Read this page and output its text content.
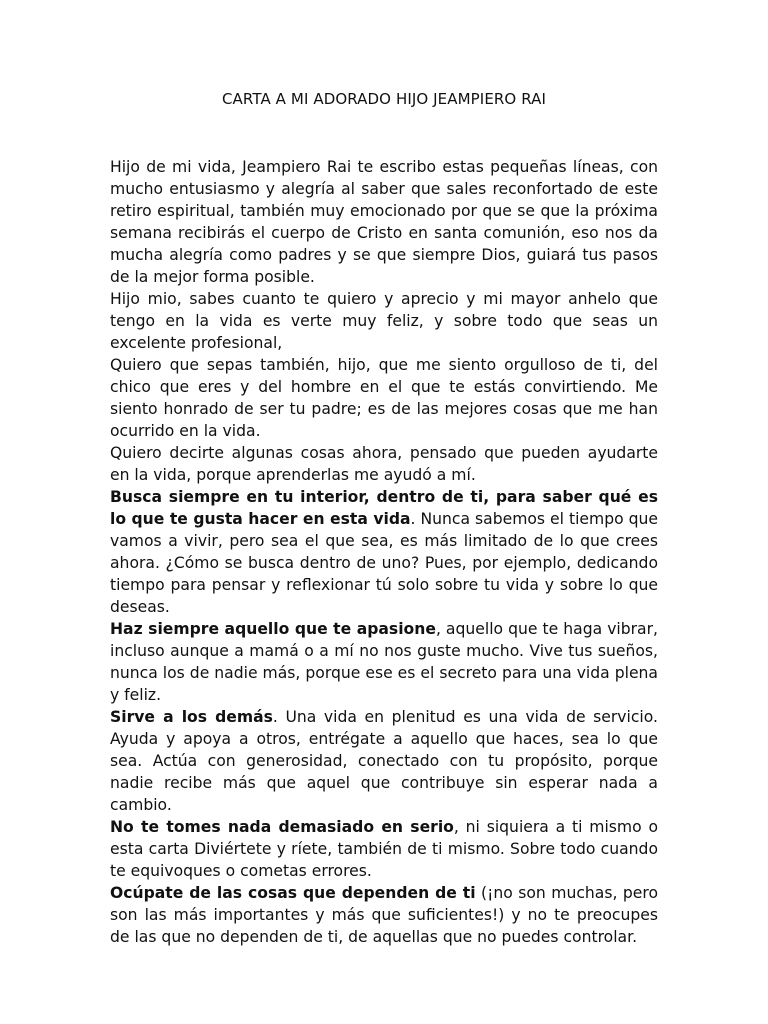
CARTA A MI ADORADO HIJO JEAMPIERO RAI

Hijo de mi vida, Jeampiero Rai te escribo estas pequeñas líneas, con mucho entusiasmo y alegría al saber que sales reconfortado de este retiro espiritual, también muy emocionado por que se que la próxima semana recibirás el cuerpo de Cristo en santa comunión, eso nos da mucha alegría como padres y se que siempre Dios, guiará tus pasos de la mejor forma posible.

Hijo mio, sabes cuanto te quiero y aprecio y mi mayor anhelo que tengo en la vida es verte muy feliz, y sobre todo que seas un excelente profesional,

Quiero que sepas también, hijo, que me siento orgulloso de ti, del chico que eres y del hombre en el que te estás convirtiendo. Me siento honrado de ser tu padre; es de las mejores cosas que me han ocurrido en la vida.

Quiero decirte algunas cosas ahora, pensado que pueden ayudarte en la vida, porque aprenderlas me ayudó a mí.

Busca siempre en tu interior, dentro de ti, para saber qué es lo que te gusta hacer en esta vida. Nunca sabemos el tiempo que vamos a vivir, pero sea el que sea, es más limitado de lo que crees ahora. ¿Cómo se busca dentro de uno? Pues, por ejemplo, dedicando tiempo para pensar y reflexionar tú solo sobre tu vida y sobre lo que deseas.

Haz siempre aquello que te apasione, aquello que te haga vibrar, incluso aunque a mamá o a mí no nos guste mucho. Vive tus sueños, nunca los de nadie más, porque ese es el secreto para una vida plena y feliz.

Sirve a los demás. Una vida en plenitud es una vida de servicio. Ayuda y apoya a otros, entrégate a aquello que haces, sea lo que sea. Actúa con generosidad, conectado con tu propósito, porque nadie recibe más que aquel que contribuye sin esperar nada a cambio.

No te tomes nada demasiado en serio, ni siquiera a ti mismo o esta carta Diviértete y ríete, también de ti mismo. Sobre todo cuando te equivoques o cometas errores.

Ocúpate de las cosas que dependen de ti (¡no son muchas, pero son las más importantes y más que suficientes!) y no te preocupes de las que no dependen de ti, de aquellas que no puedes controlar.
